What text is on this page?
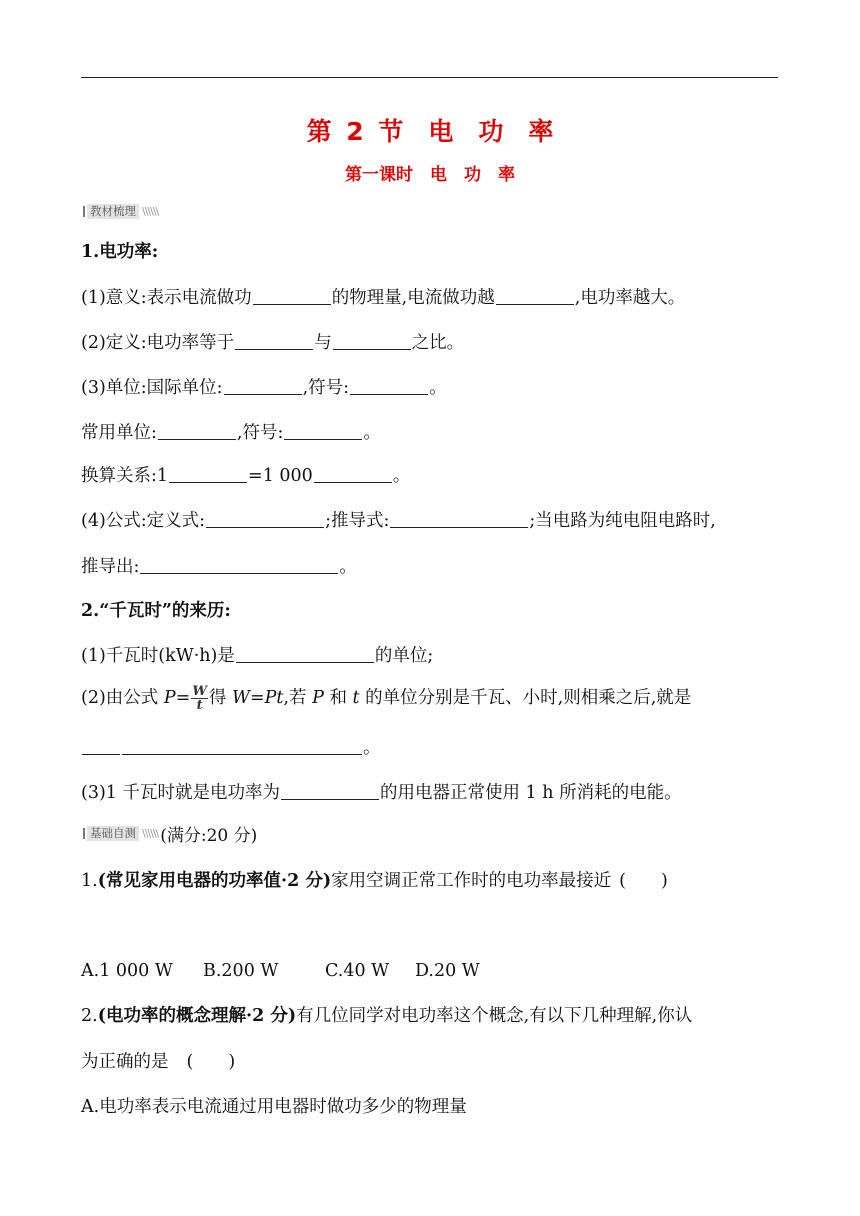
第 2 节　电　功　率
第一课时　电　功　率
教材梳理 \\\\\\
1.电功率:
(1)意义:表示电流做功	的物理量,电流做功越	,电功率越大。
(2)定义:电功率等于	与	之比。
(3)单位:国际单位:	,符号:	。
常用单位:	,符号:	。
换算关系:1	=1 000	。
(4)公式:定义式:	;推导式:	;当电路为纯电阻电路时,
推导出:	。
2.“千瓦时”的来历:
(1)千瓦时(kW·h)是	的单位;
(2)由公式 $P= \frac{W}{t}$ 得 W=Pt,若 P 和 t 的单位分别是千瓦、小时,则相乘之后,就是
。
(3)1 千瓦时就是电功率为	的用电器正常使用 1 h 所消耗的电能。
基础自测 \\\\\\ (满分:20 分)
1.(常见家用电器的功率值·2 分)家用空调正常工作时的电功率最接近 (　　)
A.1 000 W B.200 W	C.40 W D.20 W
2.(电功率的概念理解·2 分)有几位同学对电功率这个概念,有以下几种理解,你认
为正确的是 (　　)
A.电功率表示电流通过用电器时做功多少的物理量
